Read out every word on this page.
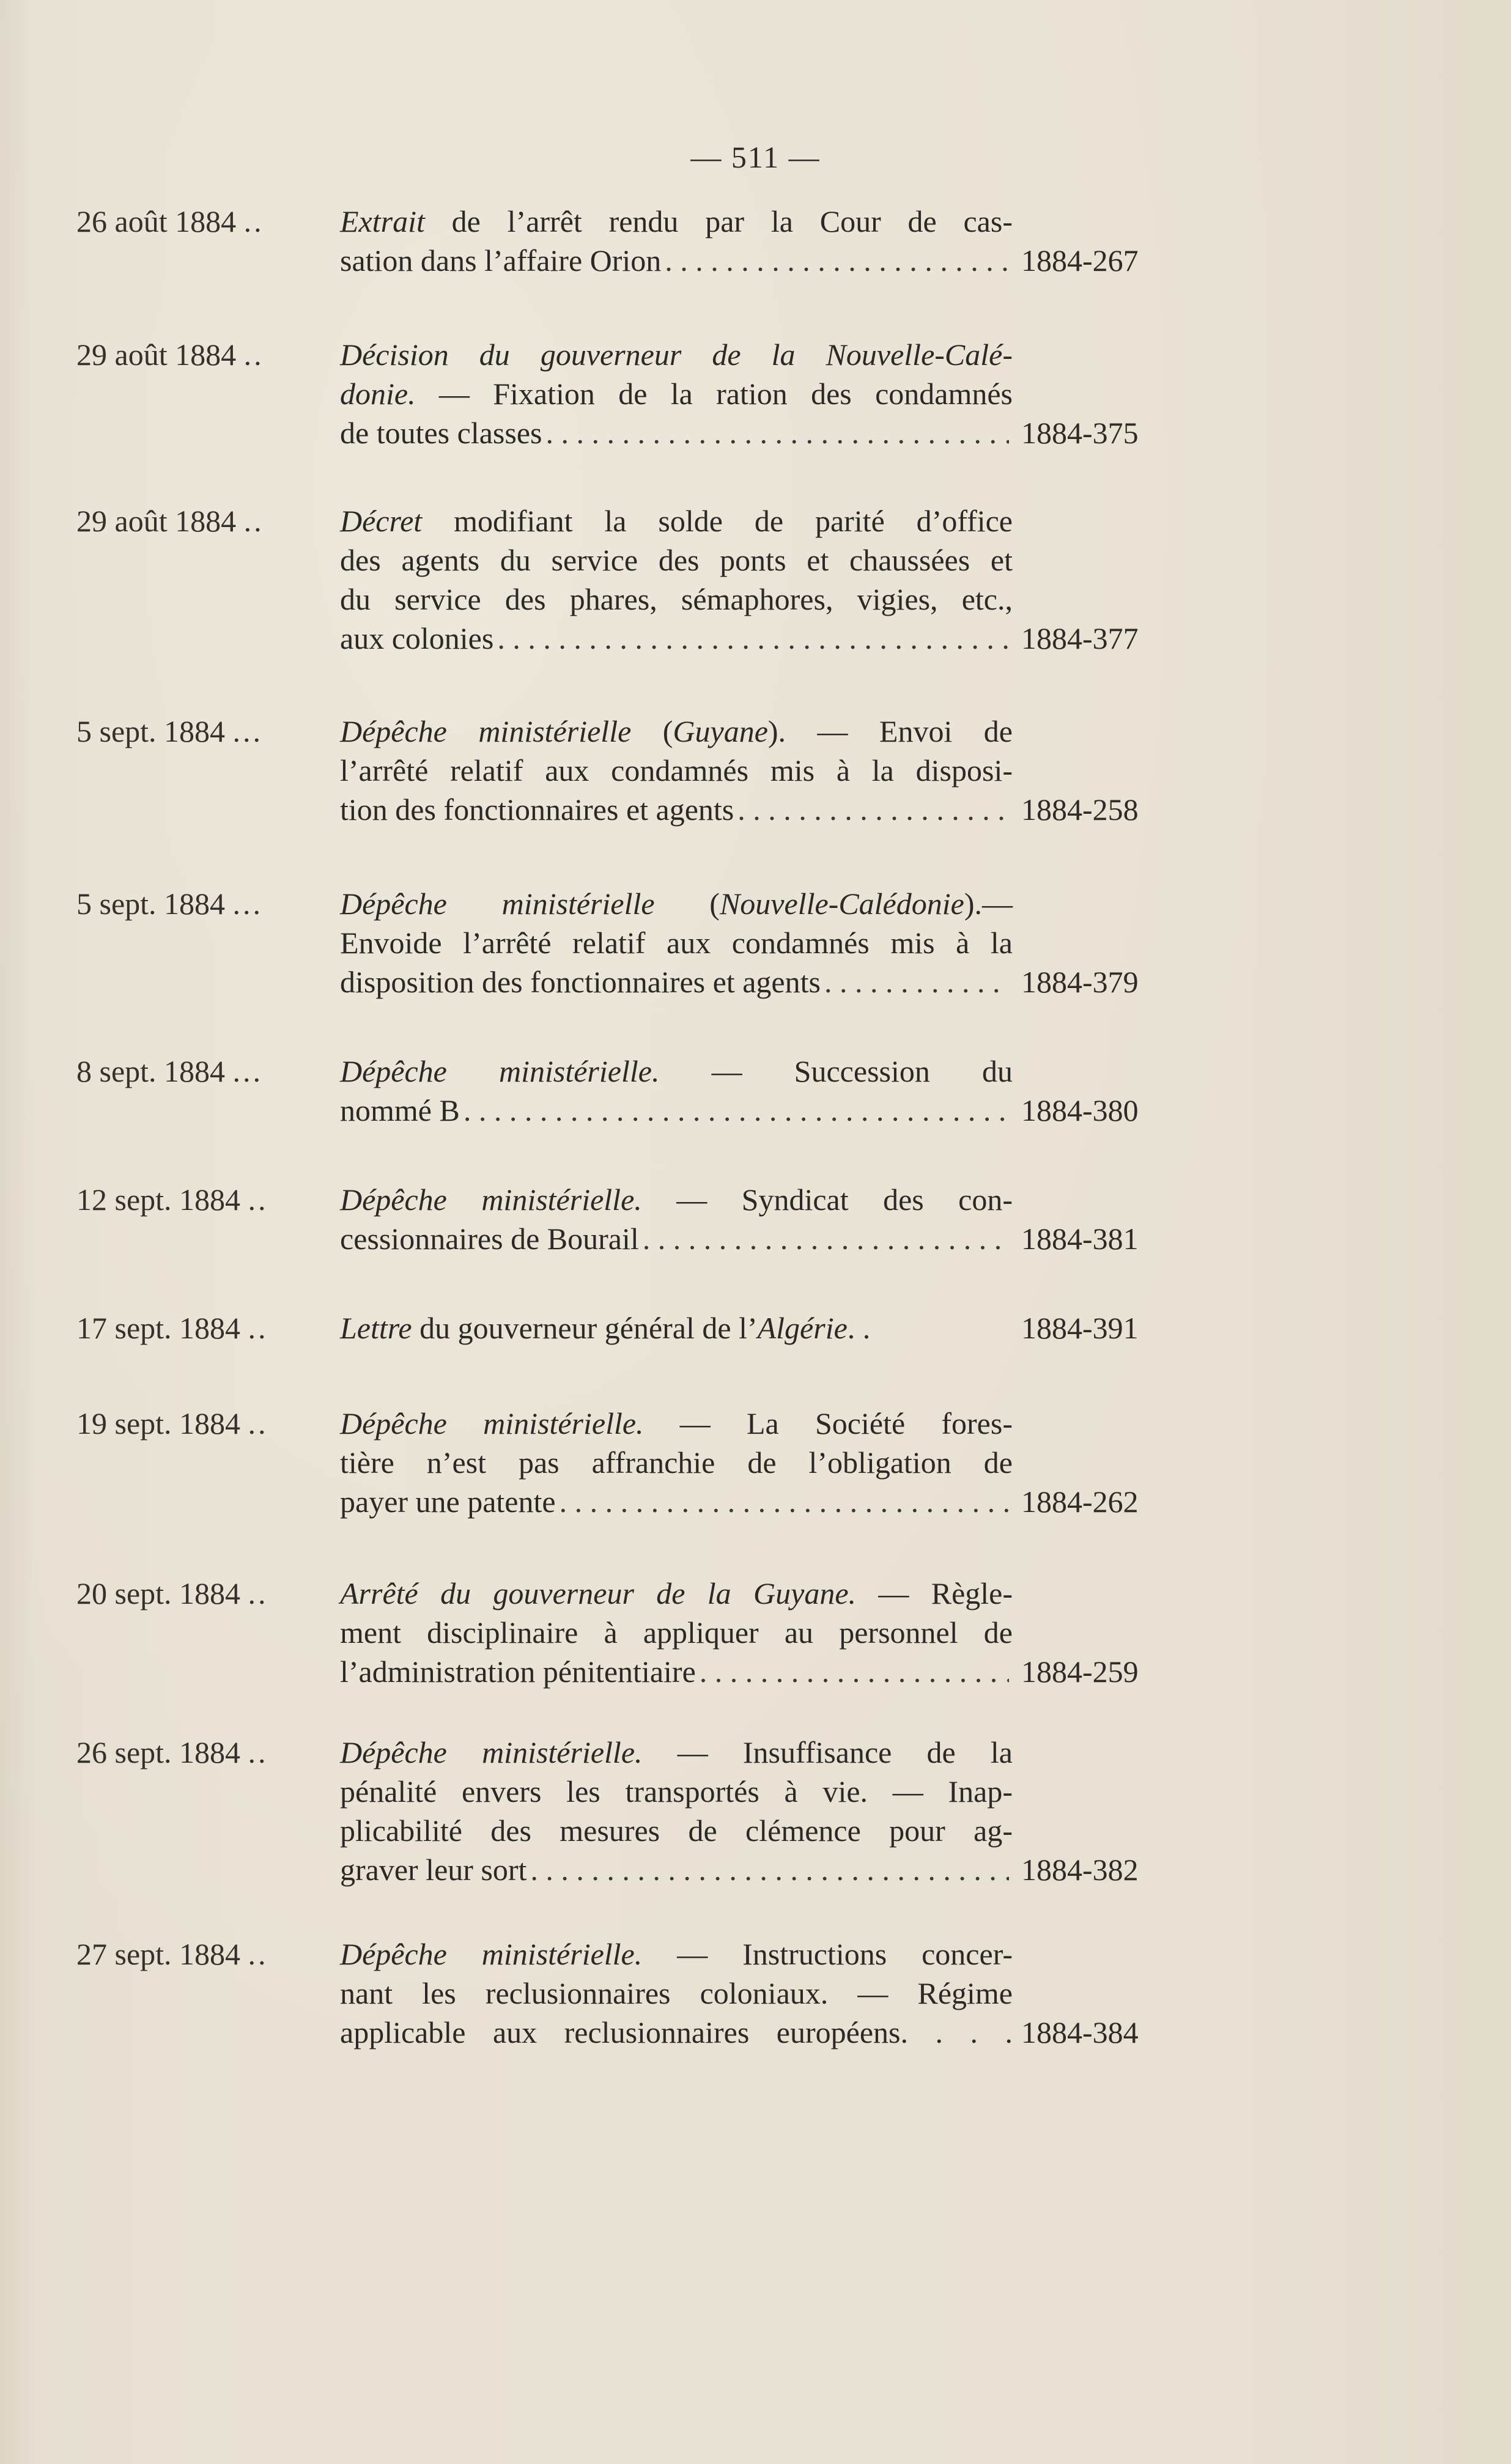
— 511 —
26 août 1884 ..	Extrait de l’arrêt rendu par la Cour de cas-
sation dans l’affaire Orion . . .	1884-267
29 août 1884 ..	Décision du gouverneur de la Nouvelle-Calé-
donie. — Fixation de la ration des condamnés
de toutes classes . . .	1884-375
29 août 1884 ..	Décret modifiant la solde de parité d’office
des agents du service des ponts et chaussées et
du service des phares, sémaphores, vigies, etc.,
aux colonies . . .	1884-377
5 sept. 1884 ...	Dépêche ministérielle (Guyane). — Envoi de
l’arrêté relatif aux condamnés mis à la disposi-
tion des fonctionnaires et agents . . .	1884-258
5 sept. 1884 ...	Dépêche ministérielle (Nouvelle-Calédonie).—
Envoide l’arrêté relatif aux condamnés mis à la
disposition des fonctionnaires et agents . . .	1884-379
8 sept. 1884 ...	Dépêche ministérielle. — Succession du
nommé B . . .	1884-380
12 sept. 1884 ..	Dépêche ministérielle. — Syndicat des con-
cessionnaires de Bourail . . .	1884-381
17 sept. 1884 ..	Lettre du gouverneur général de l’Algérie. .	1884-391
19 sept. 1884 ..	Dépêche ministérielle. — La Société fores-
tière n’est pas affranchie de l’obligation de
payer une patente . . .	1884-262
20 sept. 1884 ..	Arrêté du gouverneur de la Guyane. — Règle-
ment disciplinaire à appliquer au personnel de
l’administration pénitentiaire . . .	1884-259
26 sept. 1884 ..	Dépêche ministérielle. — Insuffisance de la
pénalité envers les transportés à vie. — Inap-
plicabilité des mesures de clémence pour ag-
graver leur sort . . .	1884-382
27 sept. 1884 ..	Dépêche ministérielle. — Instructions concer-
nant les reclusionnaires coloniaux. — Régime
applicable aux reclusionnaires européens. . . . 1884-384
